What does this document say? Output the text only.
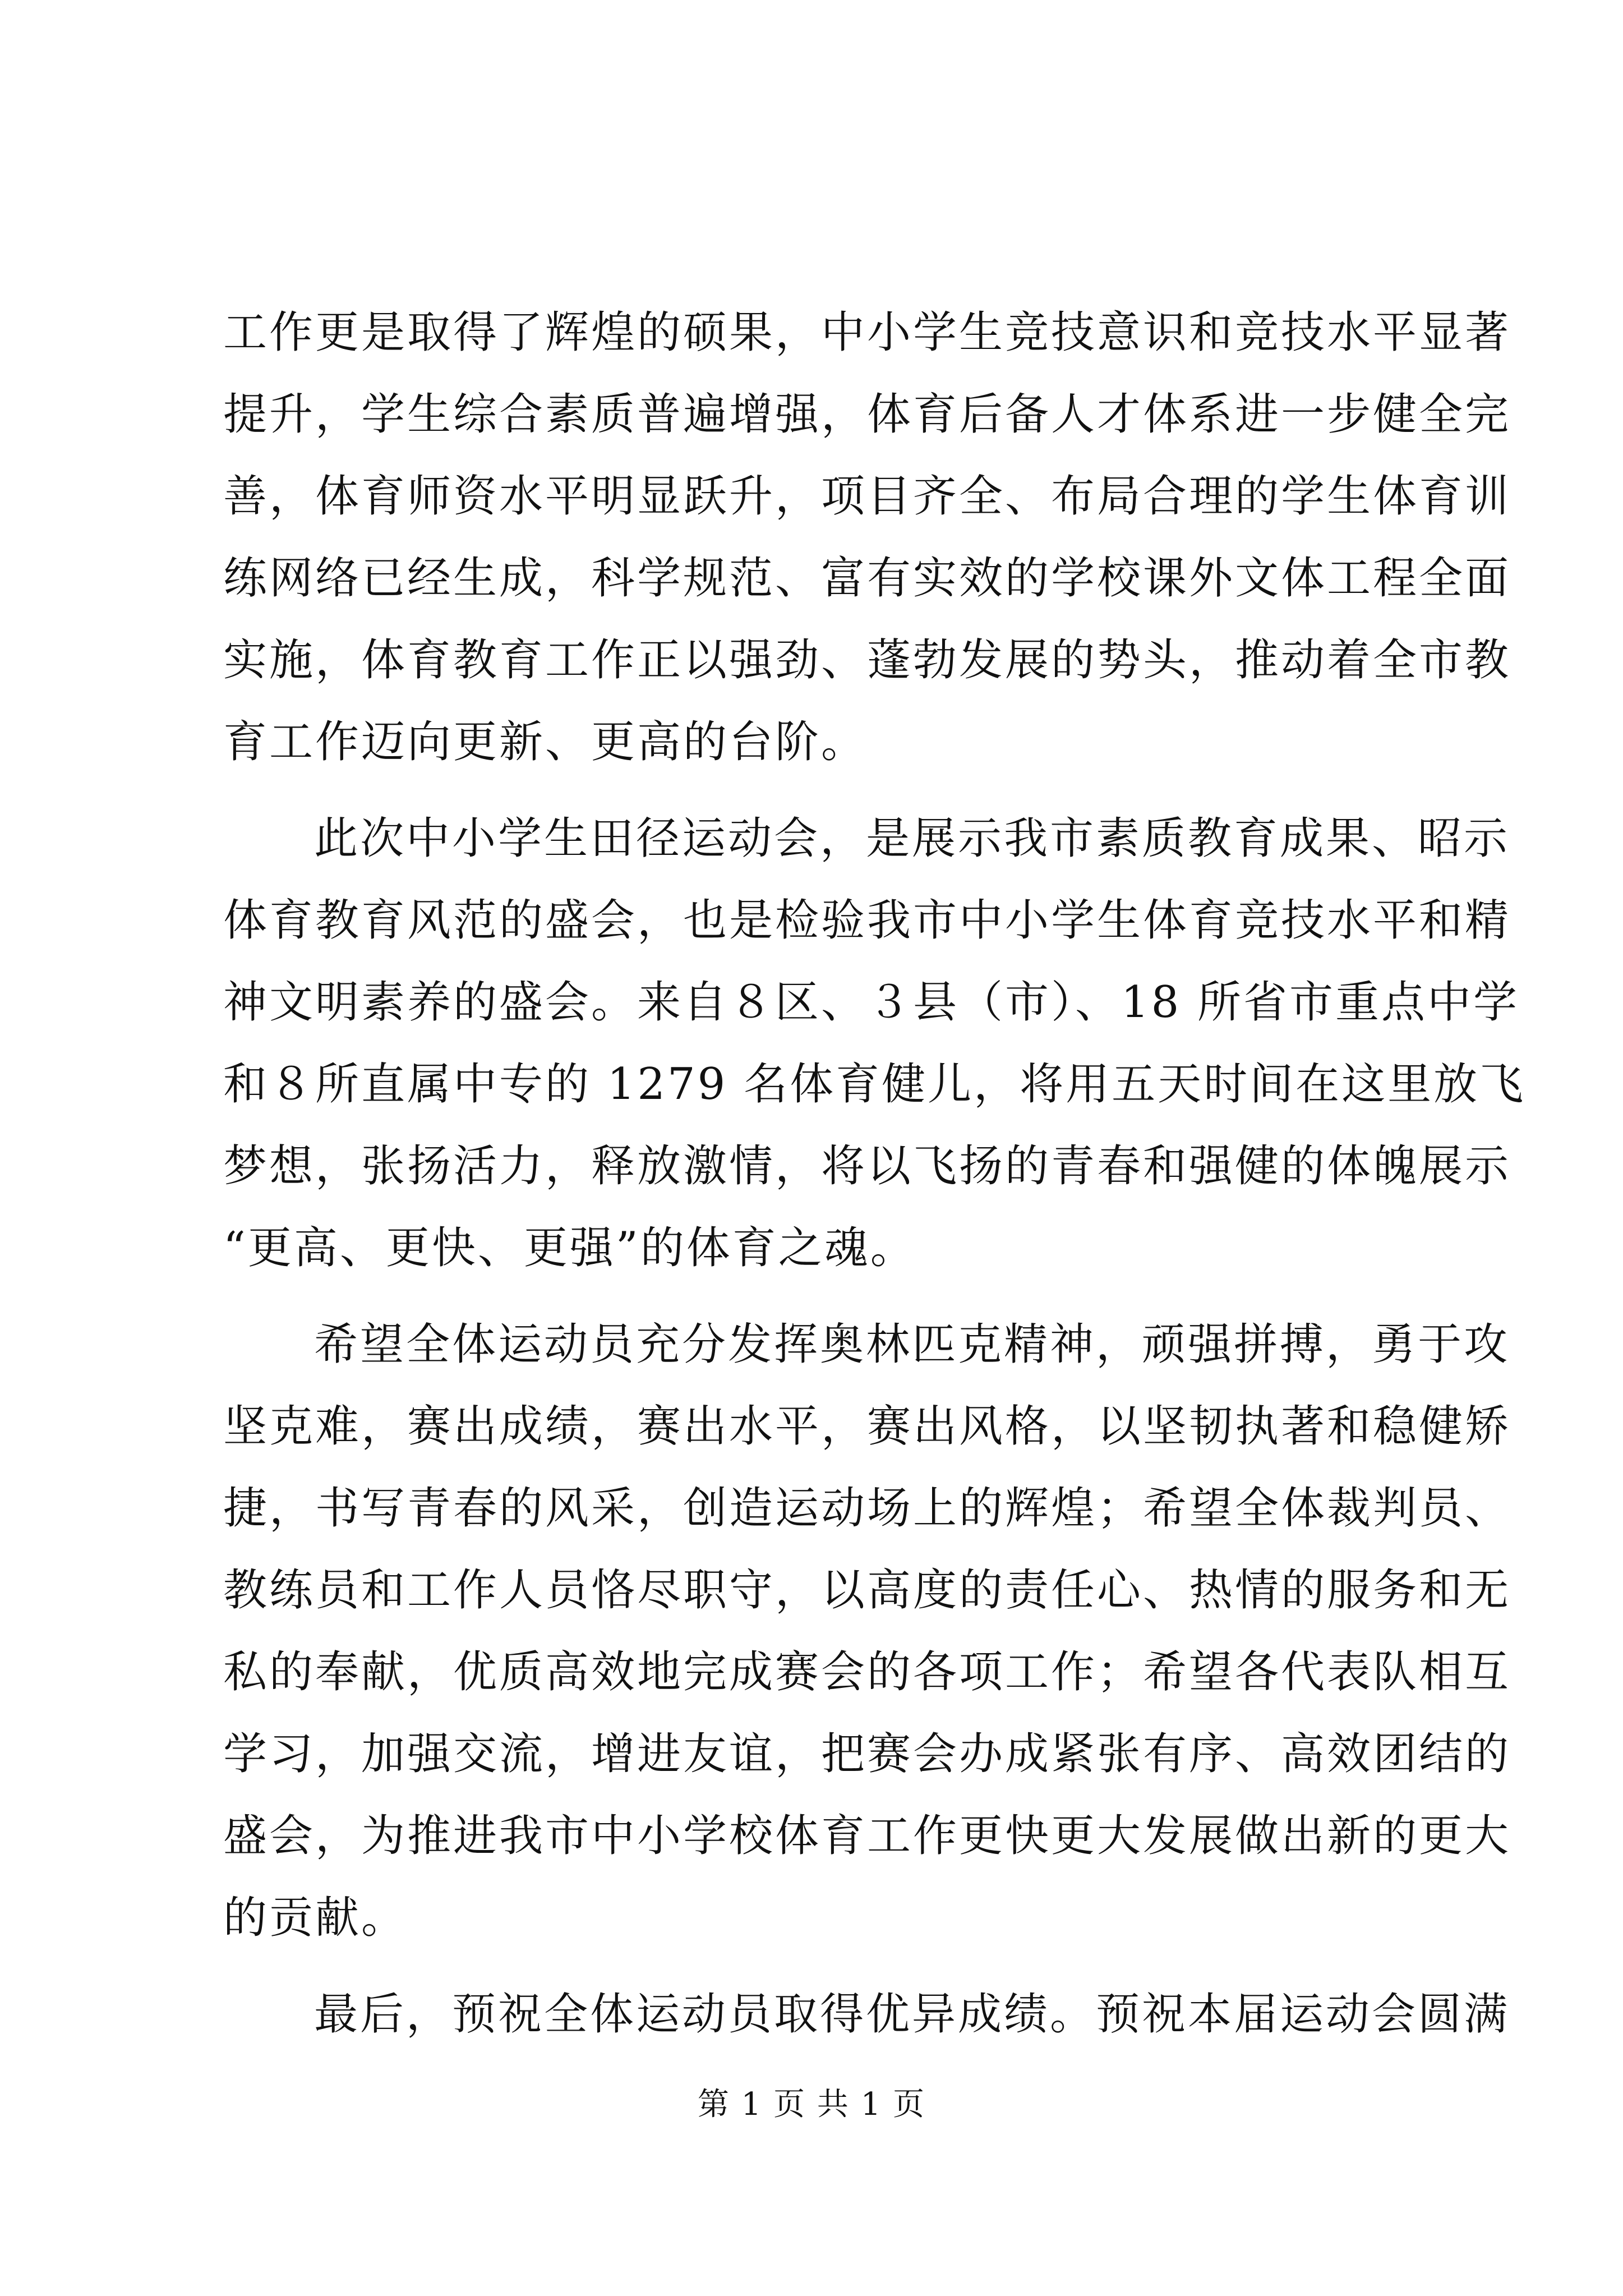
工作更是取得了辉煌的硕果，中小学生竞技意识和竞技水平显著
提升，学生综合素质普遍增强，体育后备人才体系进一步健全完
善，体育师资水平明显跃升，项目齐全、布局合理的学生体育训
练网络已经生成，科学规范、富有实效的学校课外文体工程全面
实施，体育教育工作正以强劲、蓬勃发展的势头，推动着全市教
育工作迈向更新、更高的台阶。
此次中小学生田径运动会，是展示我市素质教育成果、昭示
体育教育风范的盛会，也是检验我市中小学生体育竞技水平和精
神文明素养的盛会。来自８区、３县（市）、18 所省市重点中学
和８所直属中专的 1279 名体育健儿，将用五天时间在这里放飞
梦想，张扬活力，释放激情，将以飞扬的青春和强健的体魄展示
“更高、更快、更强”的体育之魂。
希望全体运动员充分发挥奥林匹克精神，顽强拼搏，勇于攻
坚克难，赛出成绩，赛出水平，赛出风格，以坚韧执著和稳健矫
捷，书写青春的风采，创造运动场上的辉煌；希望全体裁判员、
教练员和工作人员恪尽职守，以高度的责任心、热情的服务和无
私的奉献，优质高效地完成赛会的各项工作；希望各代表队相互
学习，加强交流，增进友谊，把赛会办成紧张有序、高效团结的
盛会，为推进我市中小学校体育工作更快更大发展做出新的更大
的贡献。
最后，预祝全体运动员取得优异成绩。预祝本届运动会圆满
第 1 页 共 1 页
